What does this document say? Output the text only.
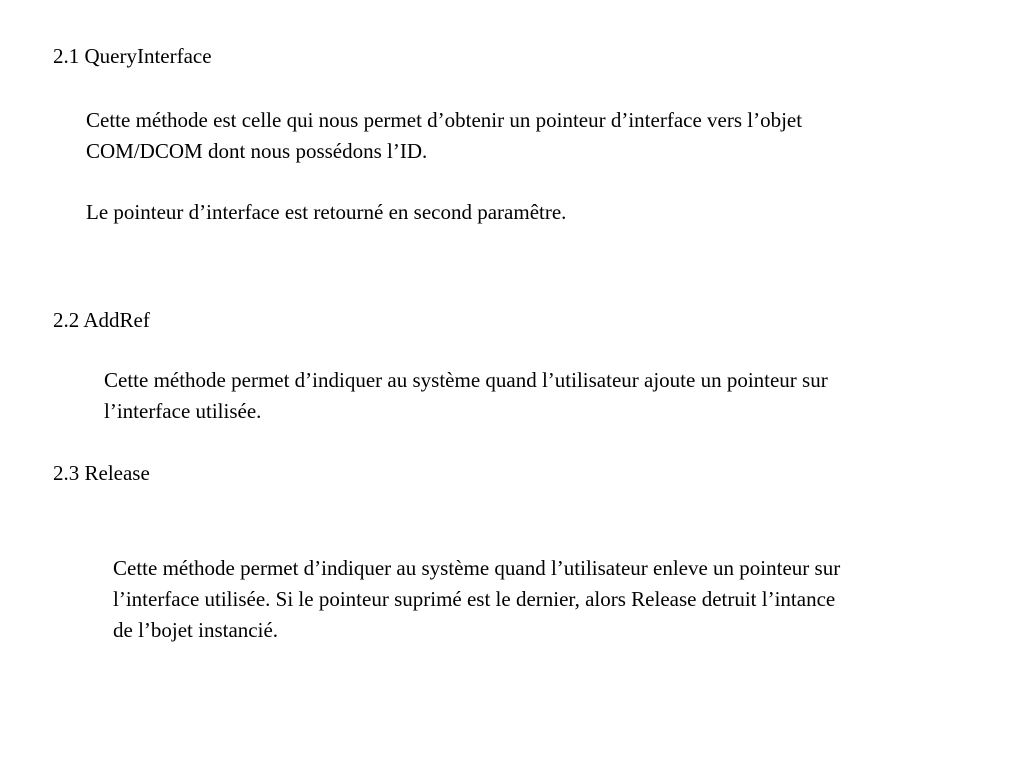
2.1 QueryInterface

Cette méthode est celle qui nous permet d’obtenir un pointeur d’interface vers l’objet
COM/DCOM dont nous possédons l’ID.

Le pointeur d’interface est retourné en second paramêtre.

2.2 AddRef

Cette méthode permet d’indiquer au système quand l’utilisateur ajoute un pointeur sur
l’interface utilisée.

2.3 Release

Cette méthode permet d’indiquer au système quand l’utilisateur enleve un pointeur sur
l’interface utilisée. Si le pointeur suprimé est le dernier, alors Release detruit l’intance
de l’bojet instancié.
